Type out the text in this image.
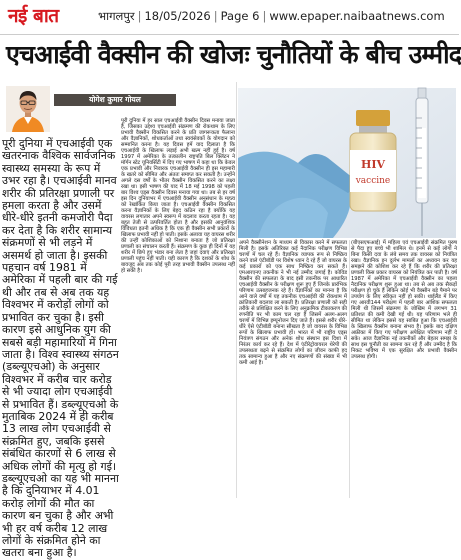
नई बात	भागलपुर | 18/05/2026 | Page 6 | www.epaper.naibaatnews.com
एचआईवी वैक्सीन की खोजः चुनौतियों के बीच उम्मीद
योगेश कुमार गोयल
पूरी दुनिया में एचआईवी एक खतरनाक वैश्विक सार्वजनिक स्वास्थ्य समस्या के रूप में उभर रहा है। एचआईवी मानव शरीर की प्रतिरक्षा प्रणाली पर हमला करता है और उसमें धीरे-धीरे इतनी कमजोरी पैदा कर देता है कि शरीर सामान्य संक्रमणों से भी लड़ने में असमर्थ हो जाता है। इसकी पहचान वर्ष 1981 में अमेरिका में पहली बार की गई थी और तब से अब तक यह विश्वभर में करोड़ों लोगों को प्रभावित कर चुका है। इसी कारण इसे आधुनिक युग की सबसे बड़ी महामारियों में गिना जाता है। विश्व स्वास्थ्य संगठन (डब्ल्यूएचओ) के अनुसार विश्वभर में करीब चार करोड़ से भी ज्यादा लोग एचआईवी से प्रभावित हैं। डब्ल्यूएचओ के मुताबिक 2024 में ही करीब 13 लाख लोग एचआईवी से संक्रमित हुए, जबकि इससे संबंधित कारणों से 6 लाख से अधिक लोगों की मृत्यु हो गई। डब्ल्यूएचओ का यह भी मानना है कि दुनियाभर में 4.01 करोड़ लोगों की मौत का कारण बन चुका है और अभी भी हर वर्ष करीब 12 लाख लोगों के संक्रमित होने का खतरा बना हुआ है।
पूरी दुनिया में हर साल एचआईवी वैक्सीन दिवस मनाया जाता है, जिसका उद्देश्य एचआईवी संक्रमण की रोकथाम के लिए प्रभावी वैक्सीन विकसित करने के प्रति जागरूकता फैलाना और वैज्ञानिकों, शोधकर्ताओं तथा स्वयंसेवकों के योगदान को सम्मानित करना है। यह दिवस हमें याद दिलाता है कि एचआईवी के खिलाफ लड़ाई अभी खत्म नहीं हुई है। वर्ष 1997 में अमेरिका के तत्कालीन राष्ट्रपति बिल क्लिंटन ने मॉर्गन स्टेट यूनिवर्सिटी में दिए गए भाषण में कहा था कि केवल एक प्रभावी और निवारक एचआईवी वैक्सीन ही इस महामारी के खतरे को सीमित और अंततः समाप्त कर सकती है। उन्होंने अगले दस वर्षों के भीतर वैक्सीन विकसित करने का लक्ष्य रखा था। इसी भाषण की याद में 18 मई 1998 को पहली बार विश्व एड्स वैक्सीन दिवस मनाया गया था। तब से हर वर्ष इस दिन दुनियाभर में एचआईवी वैक्सीन अनुसंधान के महत्व को रेखांकित किया जाता है। एचआईवी वैक्सीन विकसित करना वैज्ञानिकों के लिए बेहद कठिन रहा है क्योंकि यह वायरस लगातार अपने स्वरूप में बदलाव करता रहता है। यह बहुत तेजी से उत्परिवर्तित होता है और इसकी आनुवंशिक विविधता इतनी अधिक है कि एक ही वैक्सीन सभी प्रकारों के खिलाफ प्रभावी नहीं हो पाती। इसके अलावा यह वायरस शरीर की उन्हीं कोशिकाओं को निशाना बनाता है जो प्रतिरक्षा प्रणाली का संचालन करती हैं। संक्रमण के कुछ ही दिनों में यह शरीर में छिपे हुए भंडार बना लेता है जहां दवाएं और प्रतिरक्षा प्रणाली पहुंच नहीं पाती। यही कारण है कि दशकों के शोध के बावजूद अब तक कोई पूरी तरह प्रभावी वैक्सीन उपलब्ध नहीं हो सकी है।
HIV
vaccine
अपने वैक्सीनेशन के माध्यम से विकास करने में सफलता मिली है। इसके अतिरिक्त कई नैदानिक परीक्षण विभिन्न चरणों में चल रहे हैं। वैज्ञानिक व्यापक रूप से निष्क्रिय करने वाले एंटीबॉडी पर विशेष ध्यान दे रहे हैं जो वायरस के कई प्रकारों को एक साथ निष्क्रिय कर सकते हैं। एमआरएनए तकनीक ने भी नई उम्मीद जगाई है। कोविड वैक्सीन की सफलता के बाद इसी तकनीक पर आधारित एचआईवी वैक्सीन के परीक्षण शुरू हुए हैं जिनके प्रारंभिक परिणाम उत्साहजनक रहे हैं। वैज्ञानिकों का मानना है कि आने वाले वर्षों में यह तकनीक एचआईवी की रोकथाम में क्रांतिकारी बदलाव ला सकती है। प्रतिरक्षा प्रणाली को सही तरीके से प्रशिक्षित करने के लिए अनुक्रमिक टीकाकरण की रणनीति पर भी काम चल रहा है जिसमें अलग-अलग चरणों में विभिन्न इम्यूनोजन दिए जाते हैं। इससे शरीर धीरे-धीरे ऐसे एंटीबॉडी बनाना सीखता है जो वायरस के विभिन्न रूपों के खिलाफ प्रभावी हों। भारत में भी राष्ट्रीय एड्स नियंत्रण संगठन और अनेक शोध संस्थान इस दिशा में निरंतर कार्य कर रहे हैं। देश में एंटीरेट्रोवायरल थेरेपी की उपलब्धता बढ़ने से संक्रमित लोगों का जीवन काफी हद तक सामान्य हुआ है और नए संक्रमणों की संख्या में भी कमी आई है।
(बीएसएफआई) में महिला एवं एचआईवी संक्रमित पुरुष से पैदा हुए बच्चे भी शामिल थे। इनमें से कई लोगों ने बिना किसी दवा के लंबे समय तक वायरस को नियंत्रित रखा। वैज्ञानिक इन दुर्लभ मामलों का अध्ययन कर यह समझने की कोशिश कर रहे हैं कि शरीर की प्रतिरक्षा प्रणाली किस प्रकार वायरस को नियंत्रित कर पाती है। वर्ष 1987 में अमेरिका में एचआईवी वैक्सीन का पहला नैदानिक परीक्षण शुरू हुआ था। तब से अब तक सैकड़ों परीक्षण हो चुके हैं लेकिन कोई भी वैक्सीन बड़े पैमाने पर उपयोग के लिए स्वीकृत नहीं हो सकी। थाईलैंड में किए गए आरवी144 परीक्षण में पहली बार आंशिक सफलता मिली थी जिसमें संक्रमण के जोखिम में लगभग 31 प्रतिशत की कमी देखी गई थी। यह परिणाम भले ही सीमित था लेकिन इससे यह साबित हुआ कि एचआईवी के खिलाफ वैक्सीन बनाना संभव है। इसके बाद दक्षिण अफ्रीका में किए गए परीक्षण अपेक्षित परिणाम नहीं दे सके। आज वैज्ञानिक नई तकनीकों और बेहतर समझ के साथ इस चुनौती का सामना कर रहे हैं और उम्मीद है कि निकट भविष्य में एक सुरक्षित और प्रभावी वैक्सीन उपलब्ध होगी।
